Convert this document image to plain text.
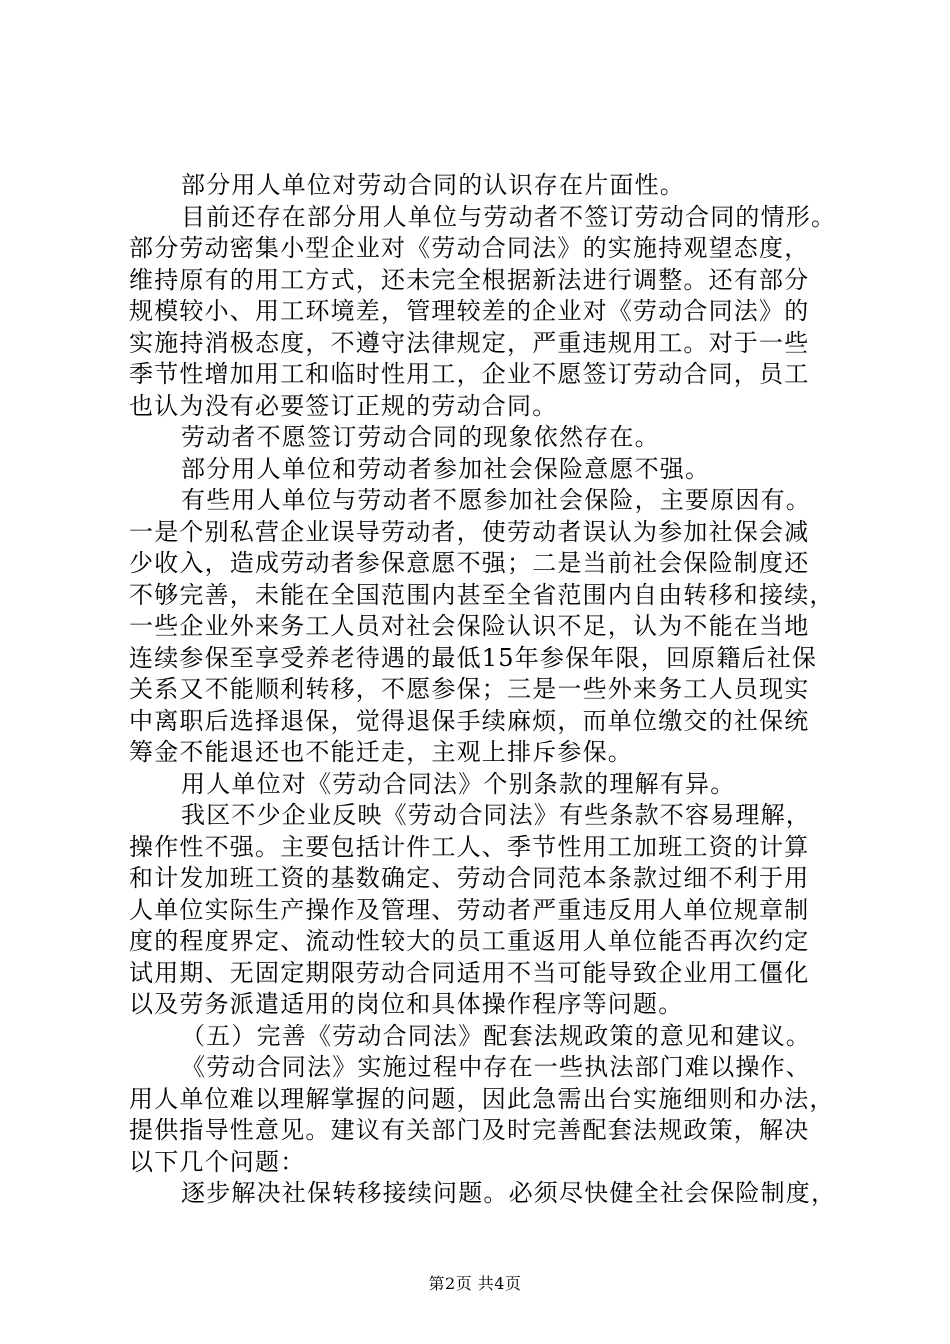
部分用人单位对劳动合同的认识存在片面性。
目前还存在部分用人单位与劳动者不签订劳动合同的情形。
部分劳动密集小型企业对《劳动合同法》的实施持观望态度，
维持原有的用工方式，还未完全根据新法进行调整。还有部分
规模较小、用工环境差，管理较差的企业对《劳动合同法》的
实施持消极态度，不遵守法律规定，严重违规用工。对于一些
季节性增加用工和临时性用工，企业不愿签订劳动合同，员工
也认为没有必要签订正规的劳动合同。
劳动者不愿签订劳动合同的现象依然存在。
部分用人单位和劳动者参加社会保险意愿不强。
有些用人单位与劳动者不愿参加社会保险，主要原因有。
一是个别私营企业误导劳动者，使劳动者误认为参加社保会减
少收入，造成劳动者参保意愿不强；二是当前社会保险制度还
不够完善，未能在全国范围内甚至全省范围内自由转移和接续，
一些企业外来务工人员对社会保险认识不足，认为不能在当地
连续参保至享受养老待遇的最低15年参保年限，回原籍后社保
关系又不能顺利转移，不愿参保；三是一些外来务工人员现实
中离职后选择退保，觉得退保手续麻烦，而单位缴交的社保统
筹金不能退还也不能迁走，主观上排斥参保。
用人单位对《劳动合同法》个别条款的理解有异。
我区不少企业反映《劳动合同法》有些条款不容易理解，
操作性不强。主要包括计件工人、季节性用工加班工资的计算
和计发加班工资的基数确定、劳动合同范本条款过细不利于用
人单位实际生产操作及管理、劳动者严重违反用人单位规章制
度的程度界定、流动性较大的员工重返用人单位能否再次约定
试用期、无固定期限劳动合同适用不当可能导致企业用工僵化
以及劳务派遣适用的岗位和具体操作程序等问题。
（五）完善《劳动合同法》配套法规政策的意见和建议。
《劳动合同法》实施过程中存在一些执法部门难以操作、
用人单位难以理解掌握的问题，因此急需出台实施细则和办法，
提供指导性意见。建议有关部门及时完善配套法规政策，解决
以下几个问题：
逐步解决社保转移接续问题。必须尽快健全社会保险制度，
第2页 共4页
